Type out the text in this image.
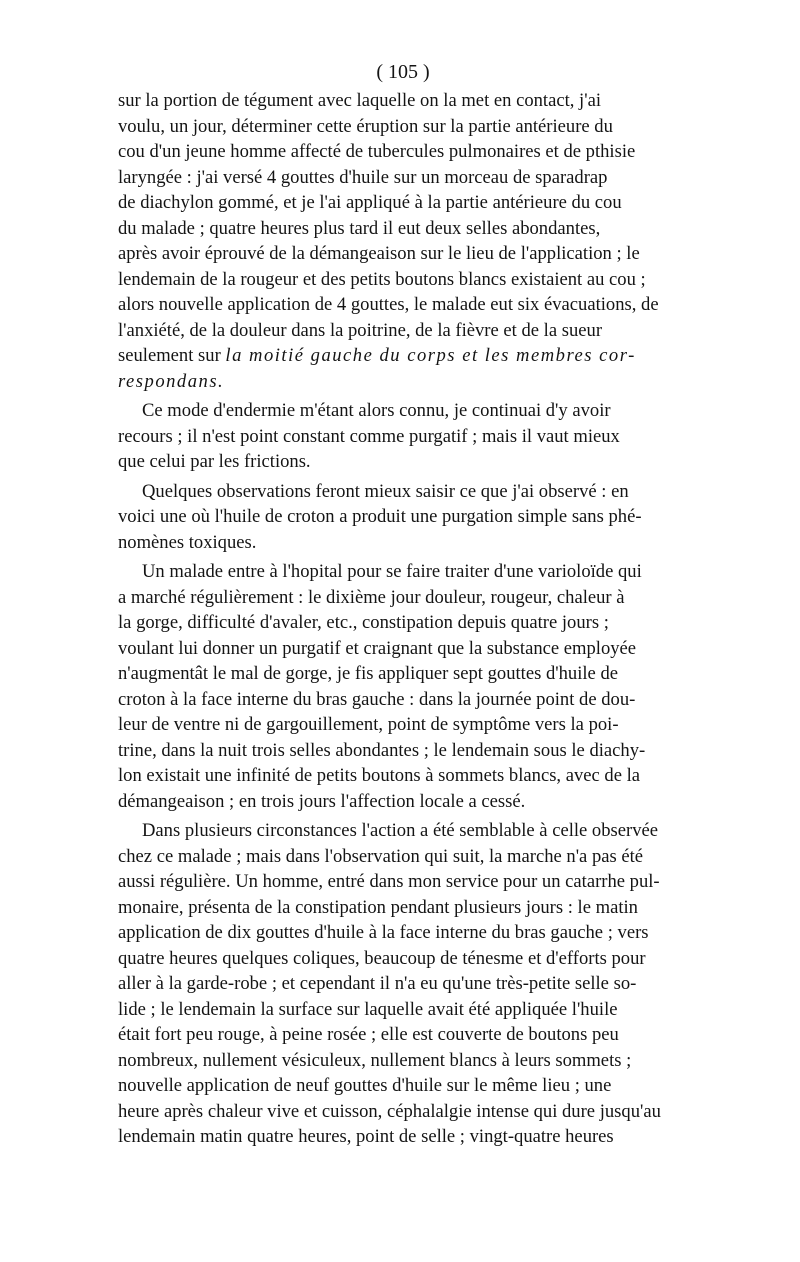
( 105 )

sur la portion de tégument avec laquelle on la met en contact, j'ai
voulu, un jour, déterminer cette éruption sur la partie antérieure du
cou d'un jeune homme affecté de tubercules pulmonaires et de pthisie
laryngée : j'ai versé 4 gouttes d'huile sur un morceau de sparadrap
de diachylon gommé, et je l'ai appliqué à la partie antérieure du cou
du malade ; quatre heures plus tard il eut deux selles abondantes,
après avoir éprouvé de la démangeaison sur le lieu de l'application ; le
lendemain de la rougeur et des petits boutons blancs existaient au cou ;
alors nouvelle application de 4 gouttes, le malade eut six évacuations, de
l'anxiété, de la douleur dans la poitrine, de la fièvre et de la sueur
seulement sur la moitié gauche du corps et les membres cor-
respondans.

Ce mode d'endermie m'étant alors connu, je continuai d'y avoir
recours ; il n'est point constant comme purgatif ; mais il vaut mieux
que celui par les frictions.

Quelques observations feront mieux saisir ce que j'ai observé : en
voici une où l'huile de croton a produit une purgation simple sans phé-
nomènes toxiques.

Un malade entre à l'hopital pour se faire traiter d'une varioloïde qui
a marché régulièrement : le dixième jour douleur, rougeur, chaleur à
la gorge, difficulté d'avaler, etc., constipation depuis quatre jours ;
voulant lui donner un purgatif et craignant que la substance employée
n'augmentât le mal de gorge, je fis appliquer sept gouttes d'huile de
croton à la face interne du bras gauche : dans la journée point de dou-
leur de ventre ni de gargouillement, point de symptôme vers la poi-
trine, dans la nuit trois selles abondantes ; le lendemain sous le diachy-
lon existait une infinité de petits boutons à sommets blancs, avec de la
démangeaison ; en trois jours l'affection locale a cessé.

Dans plusieurs circonstances l'action a été semblable à celle observée
chez ce malade ; mais dans l'observation qui suit, la marche n'a pas été
aussi régulière. Un homme, entré dans mon service pour un catarrhe pul-
monaire, présenta de la constipation pendant plusieurs jours : le matin
application de dix gouttes d'huile à la face interne du bras gauche ; vers
quatre heures quelques coliques, beaucoup de ténesme et d'efforts pour
aller à la garde-robe ; et cependant il n'a eu qu'une très-petite selle so-
lide ; le lendemain la surface sur laquelle avait été appliquée l'huile
était fort peu rouge, à peine rosée ; elle est couverte de boutons peu
nombreux, nullement vésiculeux, nullement blancs à leurs sommets ;
nouvelle application de neuf gouttes d'huile sur le même lieu ; une
heure après chaleur vive et cuisson, céphalalgie intense qui dure jusqu'au
lendemain matin quatre heures, point de selle ; vingt-quatre heures
